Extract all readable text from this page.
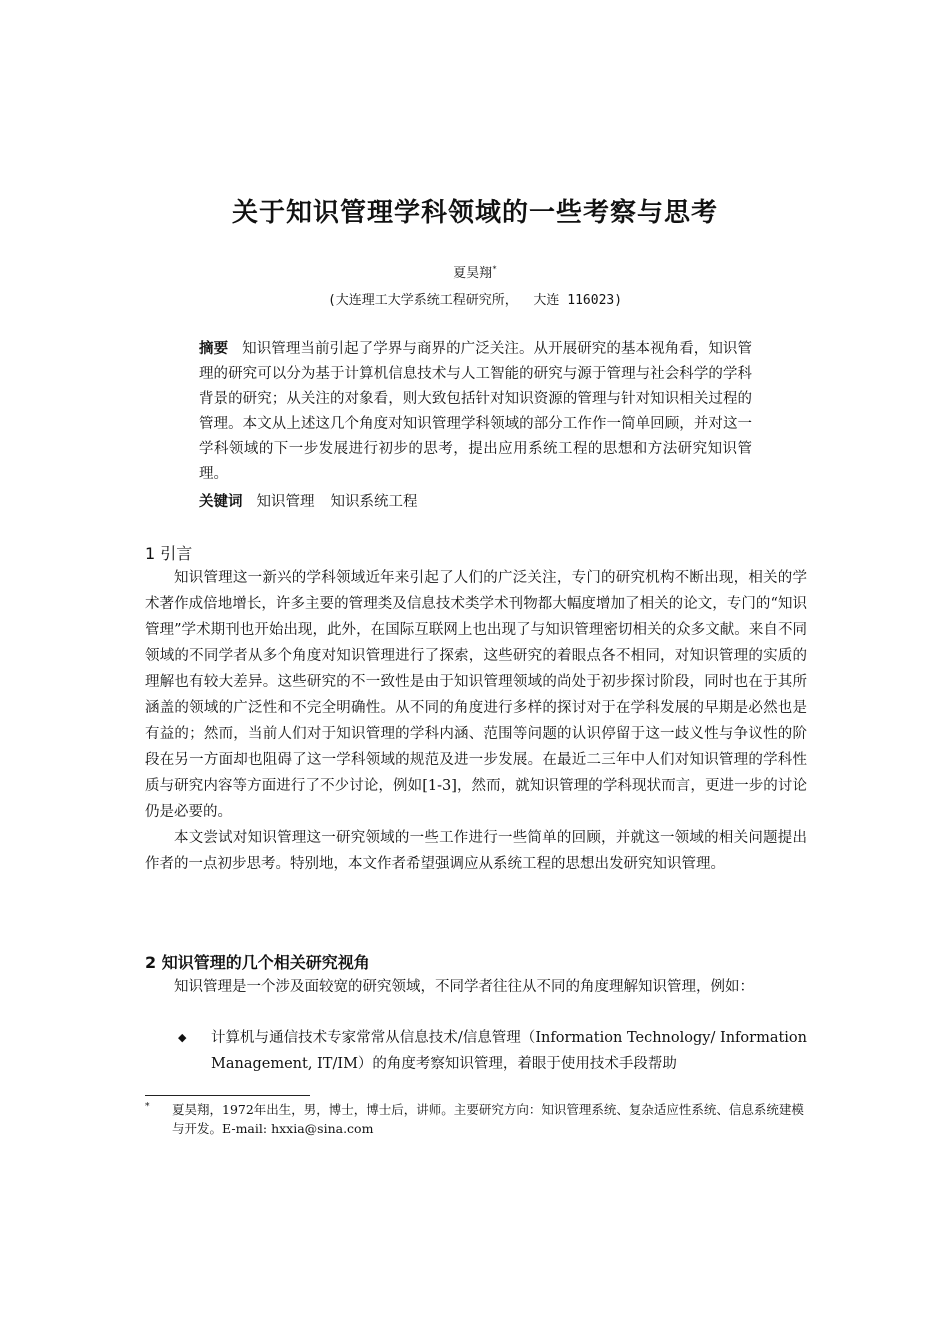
关于知识管理学科领域的一些考察与思考
夏昊翔*
(大连理工大学系统工程研究所，  大连 116023)
摘要 知识管理当前引起了学界与商界的广泛关注。从开展研究的基本视角看，知识管理的研究可以分为基于计算机信息技术与人工智能的研究与源于管理与社会科学的学科背景的研究；从关注的对象看，则大致包括针对知识资源的管理与针对知识相关过程的管理。本文从上述这几个角度对知识管理学科领域的部分工作作一简单回顾，并对这一学科领域的下一步发展进行初步的思考，提出应用系统工程的思想和方法研究知识管理。
关键词 知识管理 知识系统工程
1 引言

知识管理这一新兴的学科领域近年来引起了人们的广泛关注，专门的研究机构不断出现，相关的学术著作成倍地增长，许多主要的管理类及信息技术类学术刊物都大幅度增加了相关的论文，专门的“知识管理”学术期刊也开始出现，此外，在国际互联网上也出现了与知识管理密切相关的众多文献。来自不同领域的不同学者从多个角度对知识管理进行了探索，这些研究的着眼点各不相同，对知识管理的实质的理解也有较大差异。这些研究的不一致性是由于知识管理领域的尚处于初步探讨阶段，同时也在于其所涵盖的领域的广泛性和不完全明确性。从不同的角度进行多样的探讨对于在学科发展的早期是必然也是有益的；然而，当前人们对于知识管理的学科内涵、范围等问题的认识停留于这一歧义性与争议性的阶段在另一方面却也阻碍了这一学科领域的规范及进一步发展。在最近二三年中人们对知识管理的学科性质与研究内容等方面进行了不少讨论，例如[1-3]，然而，就知识管理的学科现状而言，更进一步的讨论仍是必要的。

本文尝试对知识管理这一研究领域的一些工作进行一些简单的回顾，并就这一领域的相关问题提出作者的一点初步思考。特别地，本文作者希望强调应从系统工程的思想出发研究知识管理。

2 知识管理的几个相关研究视角

知识管理是一个涉及面较宽的研究领域，不同学者往往从不同的角度理解知识管理，例如：

◆ 计算机与通信技术专家常常从信息技术/信息管理（Information Technology/ Information Management, IT/IM）的角度考察知识管理，着眼于使用技术手段帮助
* 夏昊翔，1972年出生，男，博士，博士后，讲师。主要研究方向：知识管理系统、复杂适应性系统、信息系统建模与开发。E-mail: hxxia@sina.com
